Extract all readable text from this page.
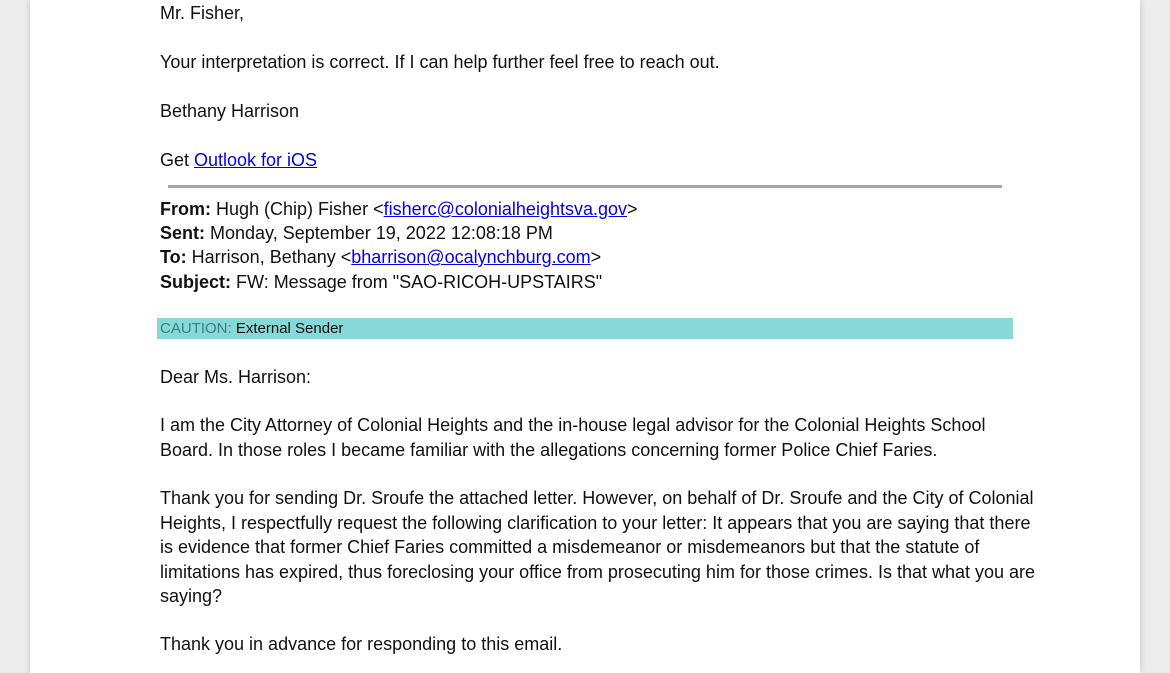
Mr. Fisher,

Your interpretation is correct. If I can help further feel free to reach out.

Bethany Harrison

Get Outlook for iOS

From: Hugh (Chip) Fisher <fisherc@colonialheightsva.gov>

Sent: Monday, September 19, 2022 12:08:18 PM

To: Harrison, Bethany <bharrison@ocalynchburg.com>

Subject: FW: Message from "SAO-RICOH-UPSTAIRS"

CAUTION: External Sender

Dear Ms. Harrison:

I am the City Attorney of Colonial Heights and the in-house legal advisor for the Colonial Heights School Board. In those roles I became familiar with the allegations concerning former Police Chief Faries.

Thank you for sending Dr. Sroufe the attached letter. However, on behalf of Dr. Sroufe and the City of Colonial Heights, I respectfully request the following clarification to your letter: It appears that you are saying that there is evidence that former Chief Faries committed a misdemeanor or misdemeanors but that the statute of limitations has expired, thus foreclosing your office from prosecuting him for those crimes. Is that what you are saying?

Thank you in advance for responding to this email.
